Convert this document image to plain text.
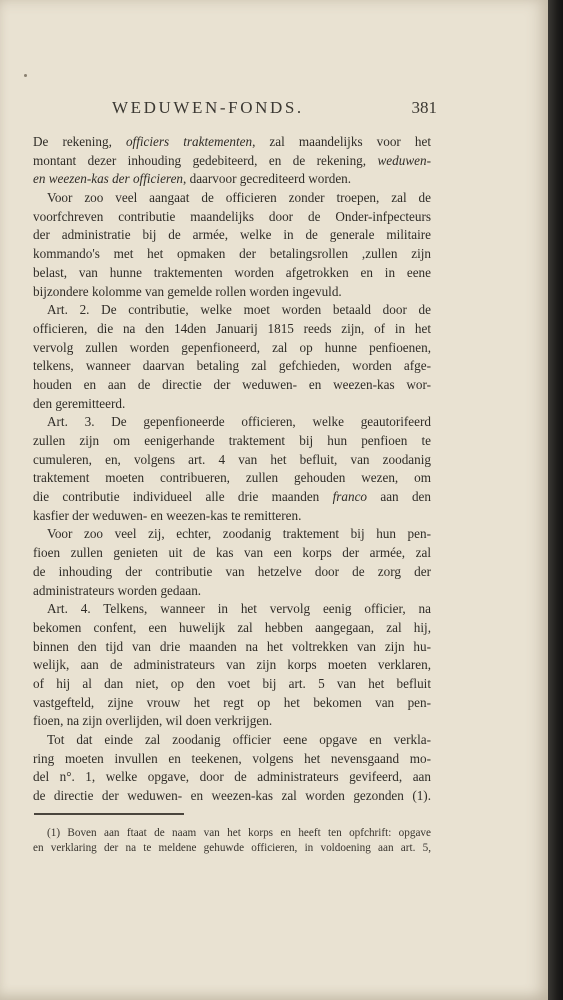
WEDUWEN-FONDS.	381
De rekening, officiers traktementen, zal maandelijks voor het
montant dezer inhouding gedebiteerd, en de rekening, weduwen-
en weezen-kas der officieren, daarvoor gecrediteerd worden.
Voor zoo veel aangaat de officieren zonder troepen, zal de
voorfchreven contributie maandelijks door de Onder-infpecteurs
der administratie bij de armée, welke in de generale militaire
kommando's met het opmaken der betalingsrollen ,zullen zijn
belast, van hunne traktementen worden afgetrokken en in eene
bijzondere kolomme van gemelde rollen worden ingevuld.
Art. 2. De contributie, welke moet worden betaald door de
officieren, die na den 14den Januarij 1815 reeds zijn, of in het
vervolg zullen worden gepenfioneerd, zal op hunne penfioenen,
telkens, wanneer daarvan betaling zal gefchieden, worden afge-
houden en aan de directie der weduwen- en weezen-kas wor-
den geremitteerd.
Art. 3. De gepenfioneerde officieren, welke geautorifeerd
zullen zijn om eenigerhande traktement bij hun penfioen te
cumuleren, en, volgens art. 4 van het befluit, van zoodanig
traktement moeten contribueren, zullen gehouden wezen, om
die contributie individueel alle drie maanden franco aan den
kasfier der weduwen- en weezen-kas te remitteren.
Voor zoo veel zij, echter, zoodanig traktement bij hun pen-
fioen zullen genieten uit de kas van een korps der armée, zal
de inhouding der contributie van hetzelve door de zorg der
administrateurs worden gedaan.
Art. 4. Telkens, wanneer in het vervolg eenig officier, na
bekomen confent, een huwelijk zal hebben aangegaan, zal hij,
binnen den tijd van drie maanden na het voltrekken van zijn hu-
welijk, aan de administrateurs van zijn korps moeten verklaren,
of hij al dan niet, op den voet bij art. 5 van het befluit
vastgefteld, zijne vrouw het regt op het bekomen van pen-
fioen, na zijn overlijden, wil doen verkrijgen.
Tot dat einde zal zoodanig officier eene opgave en verkla-
ring moeten invullen en teekenen, volgens het nevensgaand mo-
del n°. 1, welke opgave, door de administrateurs gevifeerd, aan
de directie der weduwen- en weezen-kas zal worden gezonden (1).
(1) Boven aan ftaat de naam van het korps en heeft ten opfchrift: opgave
en verklaring der na te meldene gehuwde officieren, in voldoening aan art. 5,
